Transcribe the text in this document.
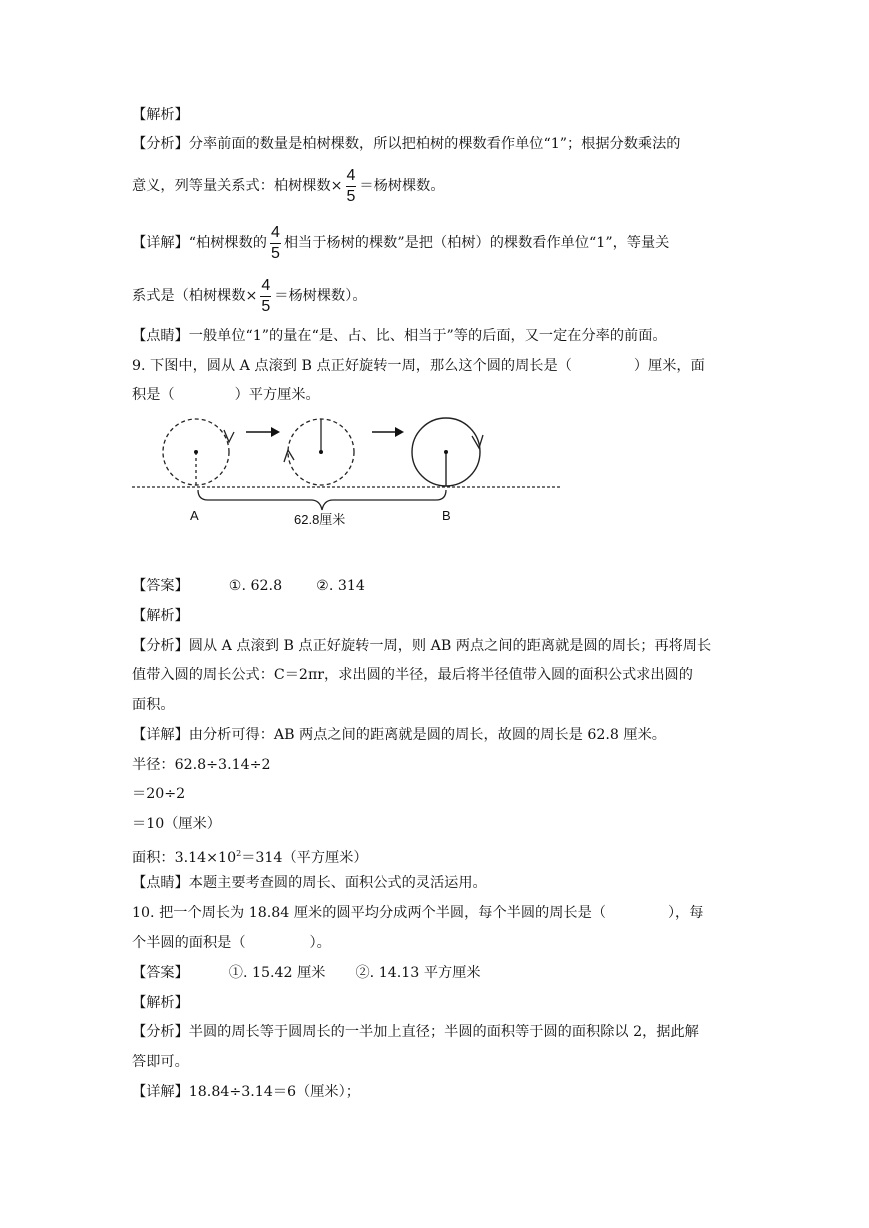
【解析】
【分析】分率前面的数量是柏树棵数，所以把柏树的棵数看作单位“1”；根据分数乘法的
意义，列等量关系式：柏树棵数× $\frac{4}{5}$ ＝杨树棵数。
【详解】“柏树棵数的 $\frac{4}{5}$ 相当于杨树的棵数”是把（柏树）的棵数看作单位“1”，等量关
系式是（柏树棵数× $\frac{4}{5}$ ＝杨树棵数）。
【点睛】一般单位“1”的量在“是、占、比、相当于”等的后面，又一定在分率的前面。
9. 下图中，圆从 A 点滚到 B 点正好旋转一周，那么这个圆的周长是（	）厘米，面
积是（	）平方厘米。
A	62.8厘米	B
【答案】	①. 62.8 ②. 314
【解析】
【分析】圆从 A 点滚到 B 点正好旋转一周，则 AB 两点之间的距离就是圆的周长；再将周长
值带入圆的周长公式：C＝2πr，求出圆的半径，最后将半径值带入圆的面积公式求出圆的
面积。
【详解】由分析可得：AB 两点之间的距离就是圆的周长，故圆的周长是 62.8 厘米。
半径：62.8÷3.14÷2
＝20÷2
＝10（厘米）
面积：$3.14\times 10^2=314$（平方厘米）
【点睛】本题主要考查圆的周长、面积公式的灵活运用。
10. 把一个周长为 18.84 厘米的圆平均分成两个半圆，每个半圆的周长是（	），每
个半圆的面积是（	）。
【答案】	①. 15.42 厘米 ②. 14.13 平方厘米
【解析】
【分析】半圆的周长等于圆周长的一半加上直径；半圆的面积等于圆的面积除以 2，据此解
答即可。
【详解】18.84÷3.14＝6（厘米）；
